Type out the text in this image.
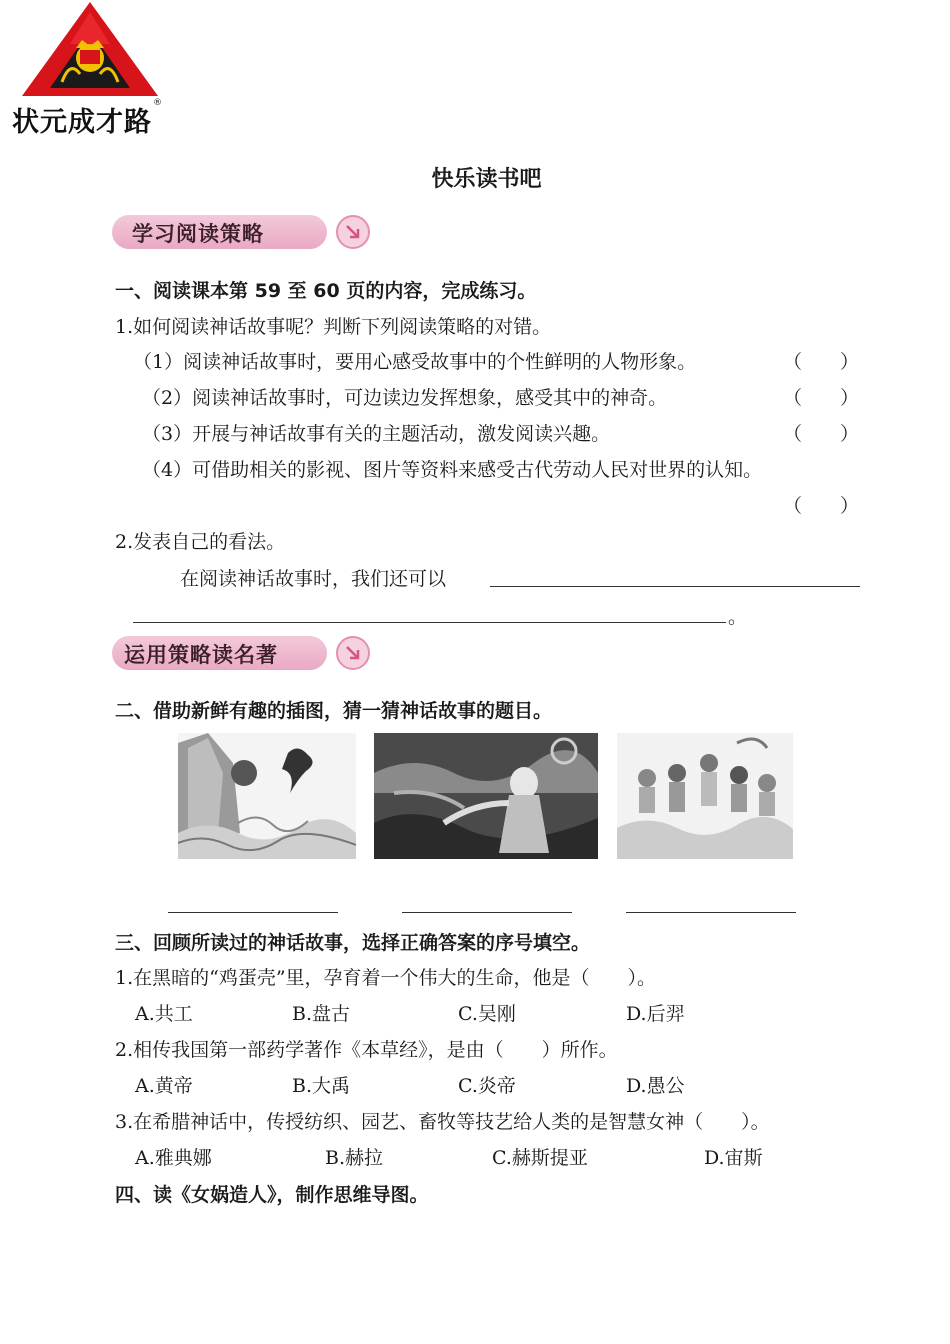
状元成才路
®
快乐读书吧
学习阅读策略
一、阅读课本第 59 至 60 页的内容，完成练习。
1.如何阅读神话故事呢？判断下列阅读策略的对错。
（1）阅读神话故事时，要用心感受故事中的个性鲜明的人物形象。	（　　）
（2）阅读神话故事时，可边读边发挥想象，感受其中的神奇。	（　　）
（3）开展与神话故事有关的主题活动，激发阅读兴趣。	（　　）
（4）可借助相关的影视、图片等资料来感受古代劳动人民对世界的认知。
（　　）
2.发表自己的看法。
在阅读神话故事时，我们还可以
。
运用策略读名著
二、借助新鲜有趣的插图，猜一猜神话故事的题目。
三、回顾所读过的神话故事，选择正确答案的序号填空。
1.在黑暗的“鸡蛋壳”里，孕育着一个伟大的生命，他是（　　）。
A.共工	B.盘古	C.吴刚	D.后羿
2.相传我国第一部药学著作《本草经》，是由（　　）所作。
A.黄帝	B.大禹	C.炎帝	D.愚公
3.在希腊神话中，传授纺织、园艺、畜牧等技艺给人类的是智慧女神（　　）。
A.雅典娜	B.赫拉	C.赫斯提亚	D.宙斯
四、读《女娲造人》，制作思维导图。
